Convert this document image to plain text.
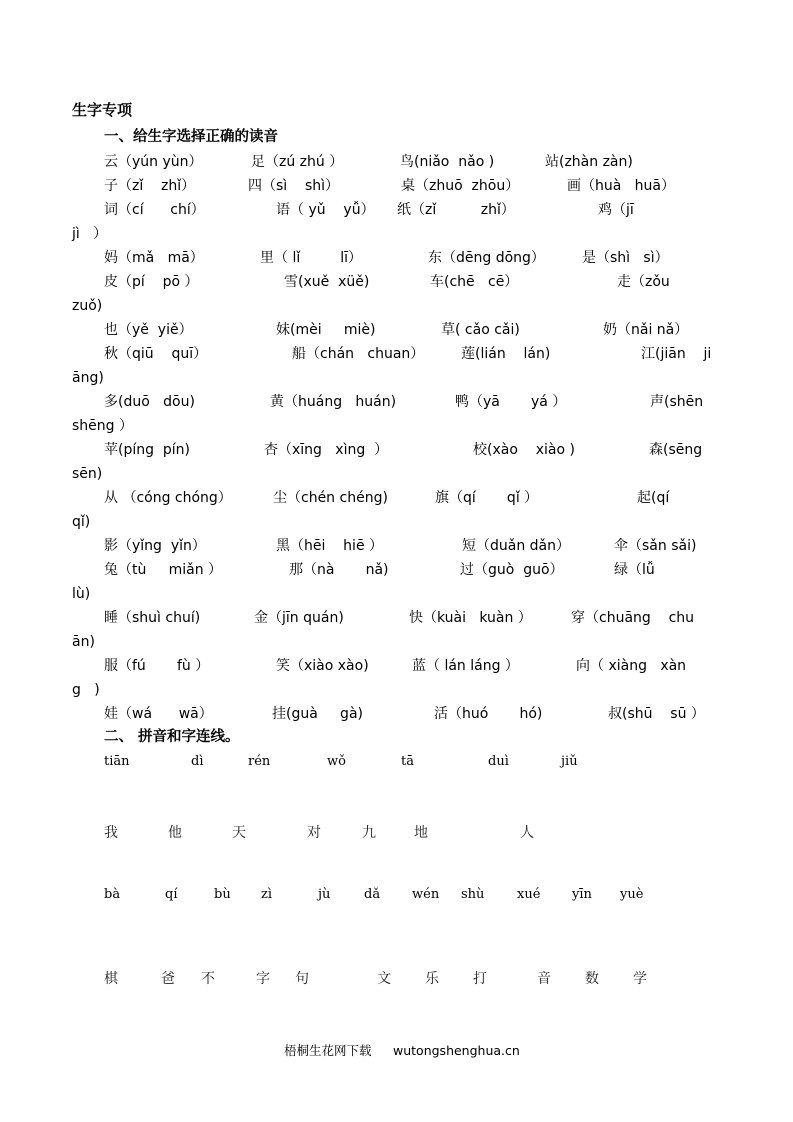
生字专项
一、给生字选择正确的读音
云（yún yùn）	足（zú zhú ）	鸟(niǎo  nǎo )	站(zhàn zàn)
子（zǐ    zhǐ）	四（sì    shì）	桌（zhuō  zhōu）	画（huà   huā）
词（cí      chí）	语（ yǔ    yǚ） 纸（zǐ          zhǐ）	鸡（jī
jì   ）
妈（mǎ   mā）	里（ lǐ         lī）	东（dēng dōng）	是（shì   sì）
皮（pí    pō ）	雪(xuě  xüě)	车(chē   cē）	走（zǒu
zuǒ)
也（yě  yiě）	妹(mèi     miè)	草( cǎo cǎi)	奶（nǎi nǎ）
秋（qiū    quī）	船（chán   chuan）	莲(lián    lán)	江(jiān    ji
āng)
多(duō   dōu)	黄（huáng   huán)	鸭（yā       yá ）	声(shēn
shēng ）
苹(píng  pín)	杏（xīng   xìng  ）	校(xào    xiào )	森(sēng
sēn)
从 （cóng chóng）	尘（chén chéng)	旗（qí       qǐ ）	起(qí
qǐ)
影（yǐng  yǐn）	黑（hēi    hiē ）	短（duǎn dǎn）	伞（sǎn sǎi)
兔（tù     miǎn ）	那（nà       nǎ)	过（guò  guō）	绿（lǚ
lù)
睡（shuì chuí)	金（jīn quán)	快（kuài   kuàn ）	穿（chuāng    chu
ān)
服（fú       fù ）	笑（xiào xào)	蓝（ lán láng ）	向（ xiàng   xàn
g   )
娃（wá      wā）	挂(guà     gà)	活（huó       hó)	叔(shū    sū ）
二、 拼音和字连线。
tiān	dì	rén	wǒ	tā	duì	jiǔ
我	他	天	对	九	地	人
bà	qí	bù zì	jù	dǎ wén shù	xué yīn yuè
棋	爸 不	字 句	文 乐 打	音 数 学
梧桐生花网下载 wutongshenghua.cn
